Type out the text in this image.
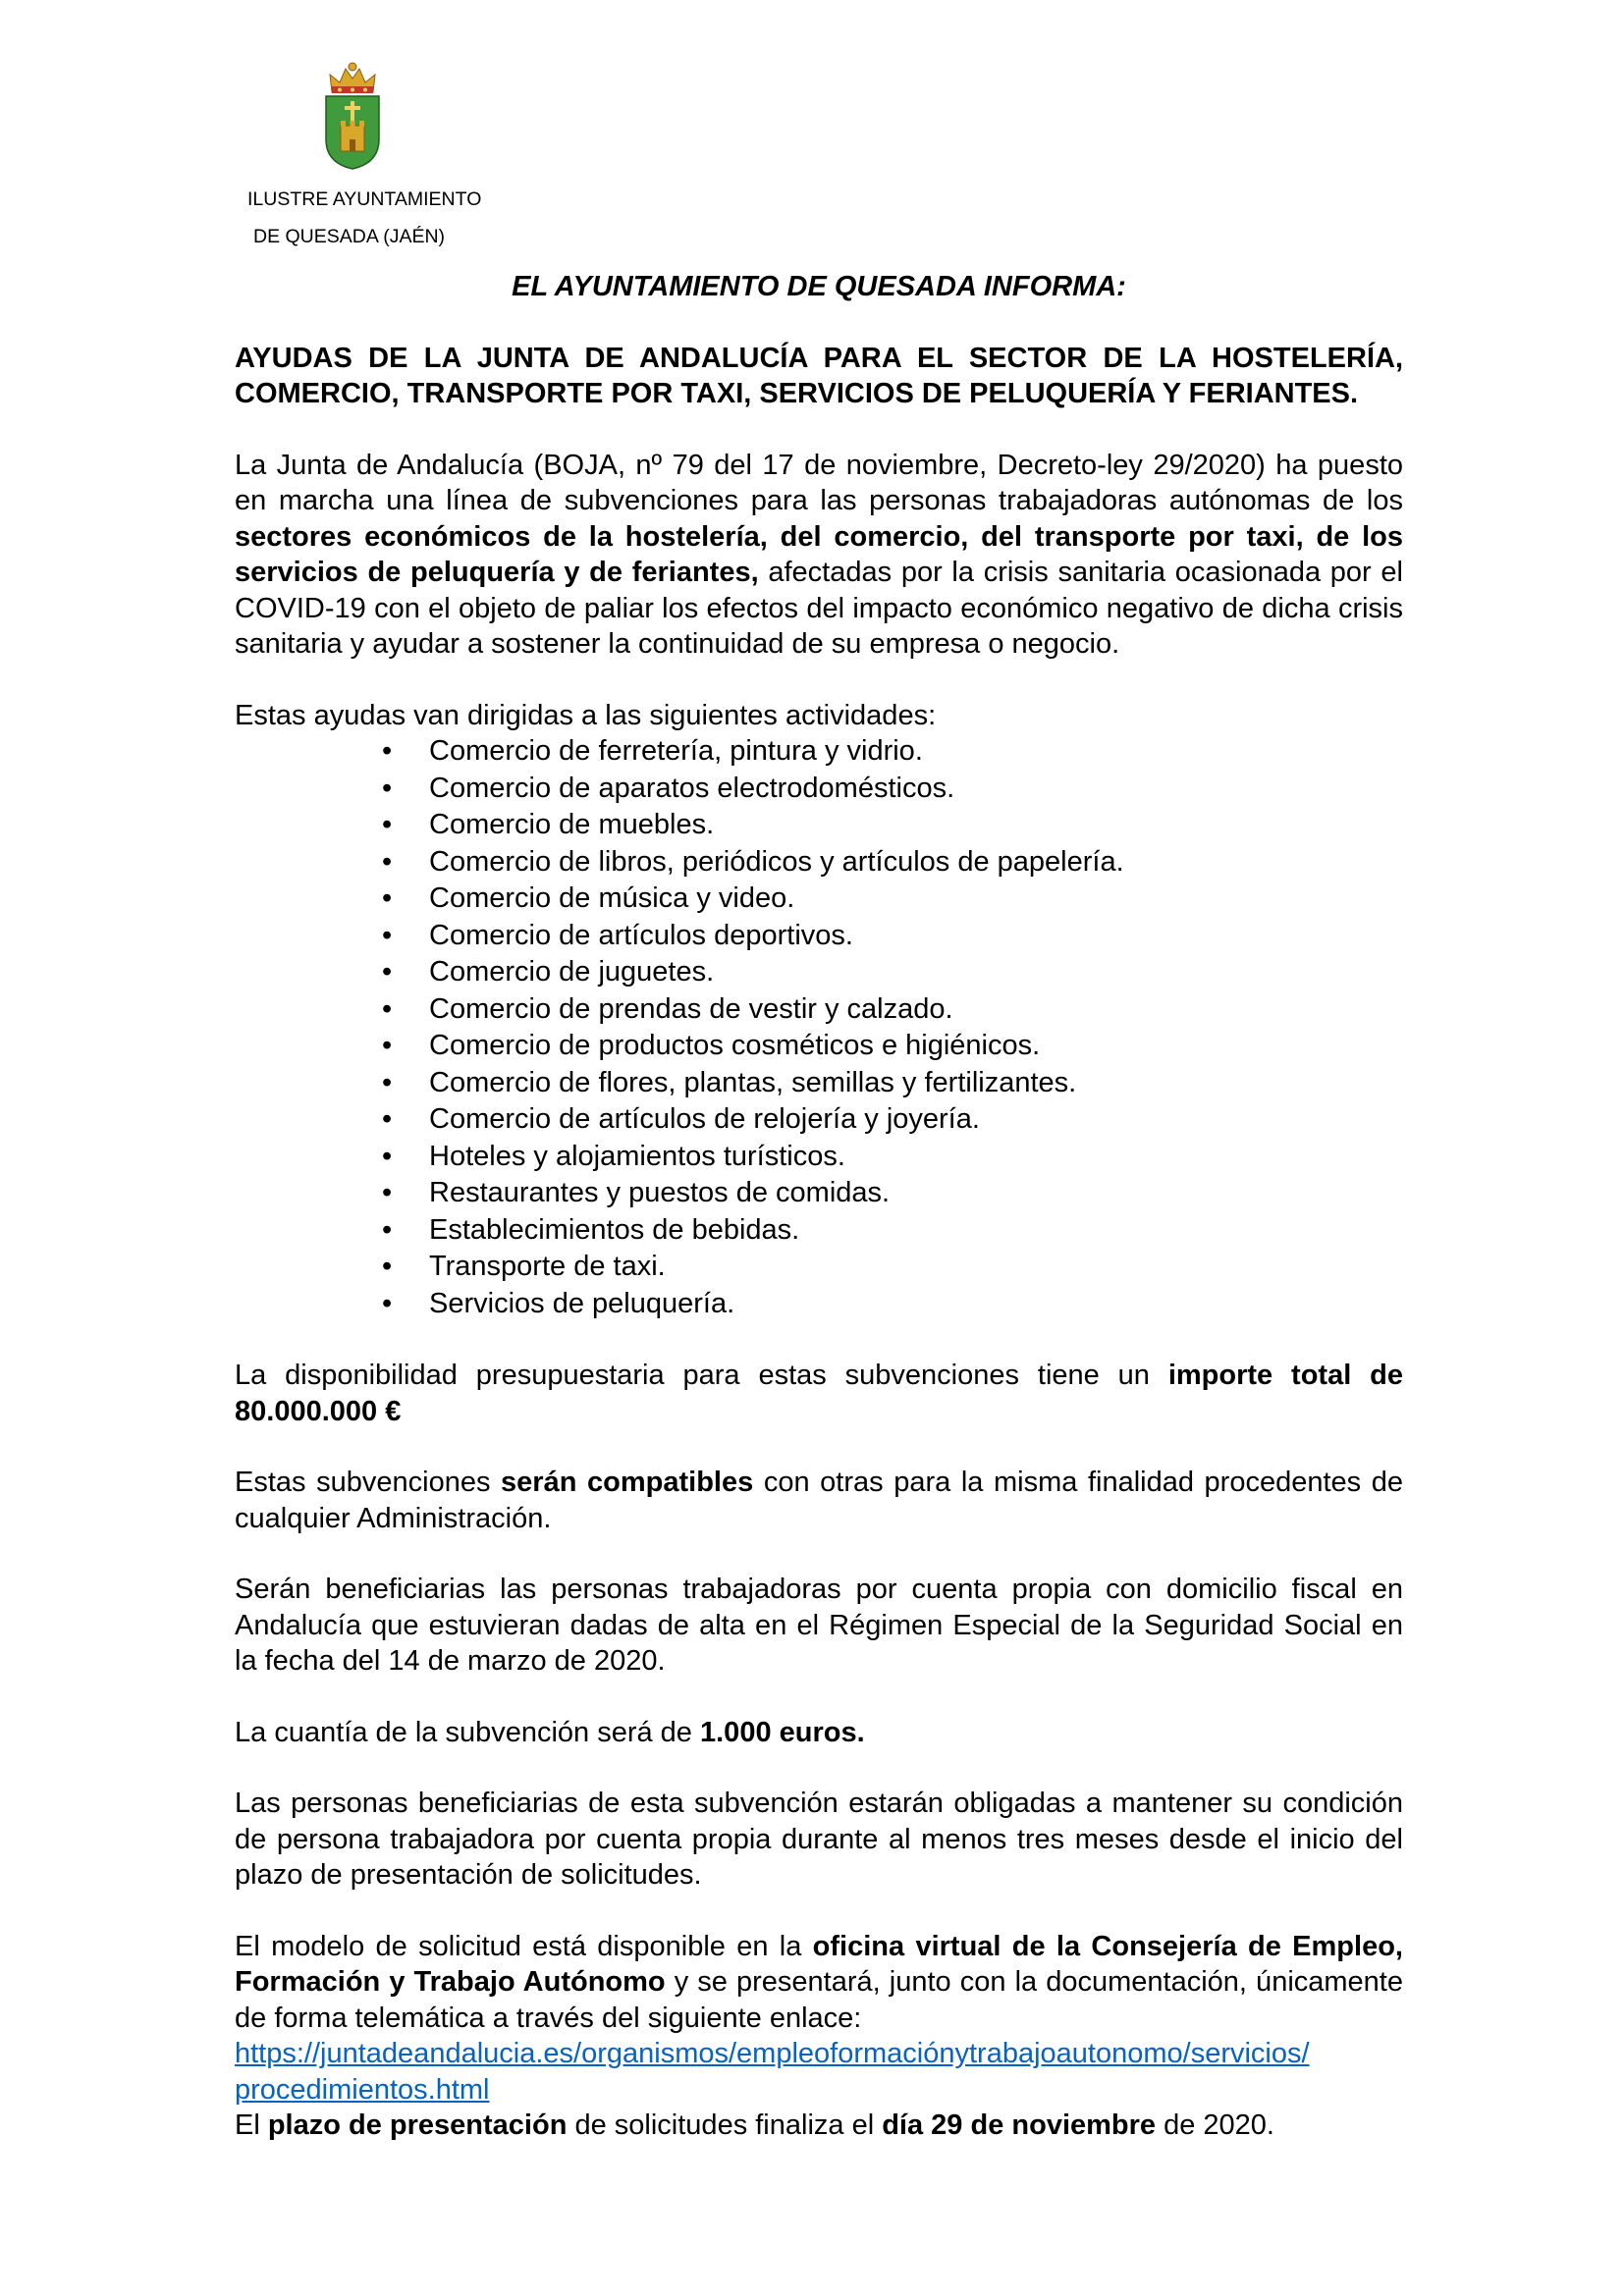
ILUSTRE AYUNTAMIENTO
DE QUESADA (JAÉN)

EL AYUNTAMIENTO DE QUESADA INFORMA:

AYUDAS DE LA JUNTA DE ANDALUCÍA PARA EL SECTOR DE LA HOSTELERÍA, COMERCIO, TRANSPORTE POR TAXI, SERVICIOS DE PELUQUERÍA Y FERIANTES.

La Junta de Andalucía (BOJA, nº 79 del 17 de noviembre, Decreto-ley 29/2020) ha puesto en marcha una línea de subvenciones para las personas trabajadoras autónomas de los sectores económicos de la hostelería, del comercio, del transporte por taxi, de los servicios de peluquería y de feriantes, afectadas por la crisis sanitaria ocasionada por el COVID-19 con el objeto de paliar los efectos del impacto económico negativo de dicha crisis sanitaria y ayudar a sostener la continuidad de su empresa o negocio.

Estas ayudas van dirigidas a las siguientes actividades:

• Comercio de ferretería, pintura y vidrio.
• Comercio de aparatos electrodomésticos.
• Comercio de muebles.
• Comercio de libros, periódicos y artículos de papelería.
• Comercio de música y video.
• Comercio de artículos deportivos.
• Comercio de juguetes.
• Comercio de prendas de vestir y calzado.
• Comercio de productos cosméticos e higiénicos.
• Comercio de flores, plantas, semillas y fertilizantes.
• Comercio de artículos de relojería y joyería.
• Hoteles y alojamientos turísticos.
• Restaurantes y puestos de comidas.
• Establecimientos de bebidas.
• Transporte de taxi.
• Servicios de peluquería.

La disponibilidad presupuestaria para estas subvenciones tiene un importe total de 80.000.000 €

Estas subvenciones serán compatibles con otras para la misma finalidad procedentes de cualquier Administración.

Serán beneficiarias las personas trabajadoras por cuenta propia con domicilio fiscal en Andalucía que estuvieran dadas de alta en el Régimen Especial de la Seguridad Social en la fecha del 14 de marzo de 2020.

La cuantía de la subvención será de 1.000 euros.

Las personas beneficiarias de esta subvención estarán obligadas a mantener su condición de persona trabajadora por cuenta propia durante al menos tres meses desde el inicio del plazo de presentación de solicitudes.

El modelo de solicitud está disponible en la oficina virtual de la Consejería de Empleo, Formación y Trabajo Autónomo y se presentará, junto con la documentación, únicamente de forma telemática a través del siguiente enlace:
https://juntadeandalucia.es/organismos/empleoformaciónytrabajoautonomo/servicios/
procedimientos.html

El plazo de presentación de solicitudes finaliza el día 29 de noviembre de 2020.
